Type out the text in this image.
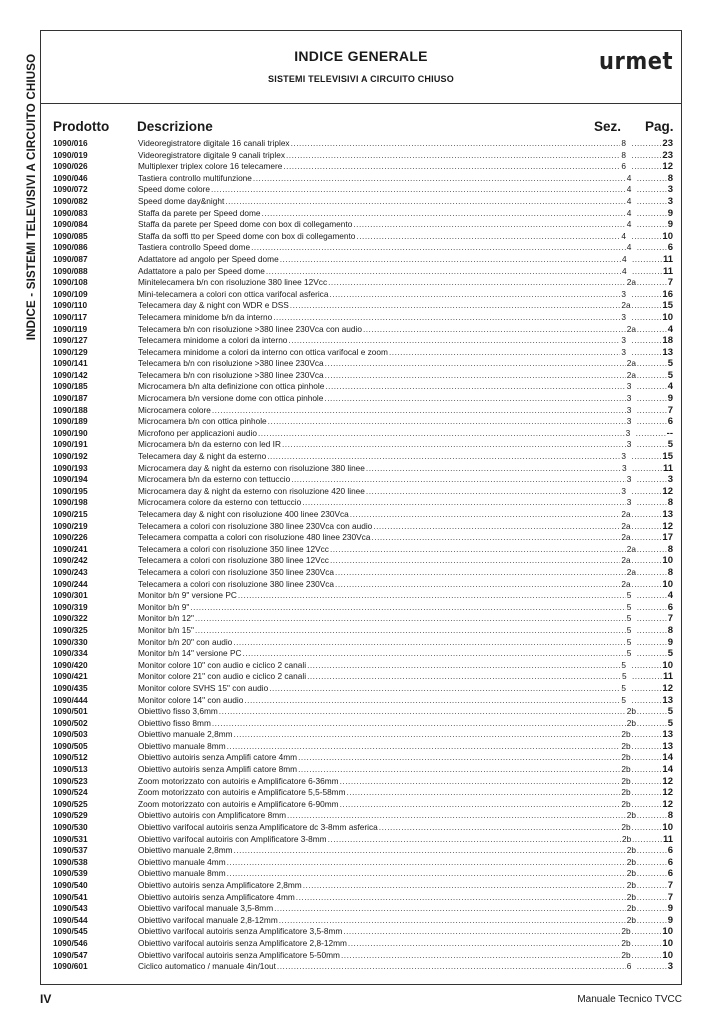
INDICE - SISTEMI TELEVISIVI A CIRCUITO CHIUSO	INDICE GENERALE
SISTEMI TELEVISIVI A CIRCUITO CHIUSO
urmet
Prodotto Descrizione	Sez. Pag.
1090/016	Videoregistratore digitale 16 canali triplex .....	8 .....	23
1090/019	Videoregistratore digitale 9 canali triplex .....	8 .....	23
1090/026	Multiplexer triplex colore 16 telecamere .....	6 .....	12
1090/046	Tastiera controllo multifunzione .....	4 .....	8
1090/072	Speed dome colore .....	4 .....	3
1090/082	Speed dome day&night .....	4 .....	3
1090/083	Staffa da parete per Speed dome .....	4 .....	9
1090/084	Staffa da parete per Speed dome con box di collegamento .....	4 .....	9
1090/085	Staffa da soffi tto per Speed dome con box di collegamento .....	4 .....	10
1090/086	Tastiera controllo Speed dome .....	4 .....	6
1090/087	Adattatore ad angolo per Speed dome .....	4 .....	11
1090/088	Adattatore a palo per Speed dome .....	4 .....	11
1090/108	Minitelecamera b/n con risoluzione 380 linee 12Vcc .....	2a .....	7
1090/109	Mini-telecamera a colori con ottica varifocal asferica .....	3 .....	16
1090/110	Telecamera day & night con WDR e DSS .....	2a .....	15
1090/117	Telecamera minidome b/n da interno .....	3 .....	10
1090/119	Telecamera b/n con risoluzione >380 linee 230Vca con audio .....	2a .....	4
1090/127	Telecamera minidome a colori da interno .....	3 .....	18
1090/129	Telecamera minidome a colori da interno con ottica varifocal e zoom .....	3 .....	13
1090/141	Telecamera b/n con risoluzione >380 linee 230Vca .....	2a .....	5
1090/142	Telecamera b/n con risoluzione >380 linee 230Vca .....	2a .....	5
1090/185	Microcamera b/n alta definizione con ottica pinhole .....	3 .....	4
1090/187	Microcamera b/n versione dome con ottica pinhole .....	3 .....	9
1090/188	Microcamera colore .....	3 .....	7
1090/189	Microcamera b/n con ottica pinhole .....	3 .....	6
1090/190	Microfono per applicazioni audio .....	3 .....	--
1090/191	Microcamera b/n da esterno con led IR .....	3 .....	5
1090/192	Telecamera day & night da esterno .....	3 .....	15
1090/193	Microcamera day & night da esterno con risoluzione 380 linee .....	3 .....	11
1090/194	Microcamera b/n da esterno con tettuccio .....	3 .....	3
1090/195	Microcamera day & night da esterno con risoluzione 420 linee .....	3 .....	12
1090/198	Microcamera colore da esterno con tettuccio .....	3 .....	8
1090/215	Telecamera day & night con risoluzione 400 linee 230Vca .....	2a .....	13
1090/219	Telecamera a colori con risoluzione 380 linee 230Vca con audio .....	2a .....	12
1090/226	Telecamera compatta a colori con risoluzione 480 linee 230Vca .....	2a .....	17
1090/241	Telecamera a colori con risoluzione 350 linee 12Vcc .....	2a .....	8
1090/242	Telecamera a colori con risoluzione 380 linee 12Vcc .....	2a .....	10
1090/243	Telecamera a colori con risoluzione 350 linee 230Vca .....	2a .....	8
1090/244	Telecamera a colori con risoluzione 380 linee 230Vca .....	2a .....	10
1090/301	Monitor b/n 9" versione PC .....	5 .....	4
1090/319	Monitor b/n 9" .....	5 .....	6
1090/322	Monitor b/n 12" .....	5 .....	7
1090/325	Monitor b/n 15" .....	5 .....	8
1090/330	Monitor b/n 20" con audio .....	5 .....	9
1090/334	Monitor b/n 14" versione PC .....	5 .....	5
1090/420	Monitor colore 10" con audio e ciclico 2 canali .....	5 .....	10
1090/421	Monitor colore 21" con audio e ciclico 2 canali .....	5 .....	11
1090/435	Monitor colore SVHS 15" con audio .....	5 .....	12
1090/444	Monitor colore 14" con audio .....	5 .....	13
1090/501	Obiettivo fisso 3,6mm .....	2b .....	5
1090/502	Obiettivo fisso 8mm .....	2b .....	5
1090/503	Obiettivo manuale 2,8mm .....	2b .....	13
1090/505	Obiettivo manuale 8mm .....	2b .....	13
1090/512	Obiettivo autoiris senza Amplifi catore 4mm .....	2b .....	14
1090/513	Obiettivo autoiris senza Amplifi catore 8mm .....	2b .....	14
1090/523	Zoom motorizzato con autoiris e Amplificatore 6-36mm .....	2b .....	12
1090/524	Zoom motorizzato con autoiris e Amplificatore 5,5-58mm .....	2b .....	12
1090/525	Zoom motorizzato con autoiris e Amplificatore 6-90mm .....	2b .....	12
1090/529	Obiettivo autoiris con Amplificatore 8mm .....	2b .....	8
1090/530	Obiettivo varifocal autoiris senza Amplificatore dc 3-8mm asferica .....	2b .....	10
1090/531	Obiettivo varifocal autoiris con Amplificatore 3-8mm .....	2b .....	11
1090/537	Obiettivo manuale 2,8mm .....	2b .....	6
1090/538	Obiettivo manuale 4mm .....	2b .....	6
1090/539	Obiettivo manuale 8mm .....	2b .....	6
1090/540	Obiettivo autoiris senza Amplificatore 2,8mm .....	2b .....	7
1090/541	Obiettivo autoiris senza Amplificatore 4mm .....	2b .....	7
1090/543	Obiettivo varifocal manuale 3,5-8mm .....	2b .....	9
1090/544	Obiettivo varifocal manuale 2,8-12mm .....	2b .....	9
1090/545	Obiettivo varifocal autoiris senza Amplificatore 3,5-8mm .....	2b .....	10
1090/546	Obiettivo varifocal autoiris senza Amplificatore 2,8-12mm .....	2b .....	10
1090/547	Obiettivo varifocal autoiris senza Amplificatore 5-50mm .....	2b .....	10
1090/601	Ciclico automatico / manuale 4in/1out .....	6 .....	3
IV	Manuale Tecnico TVCC
